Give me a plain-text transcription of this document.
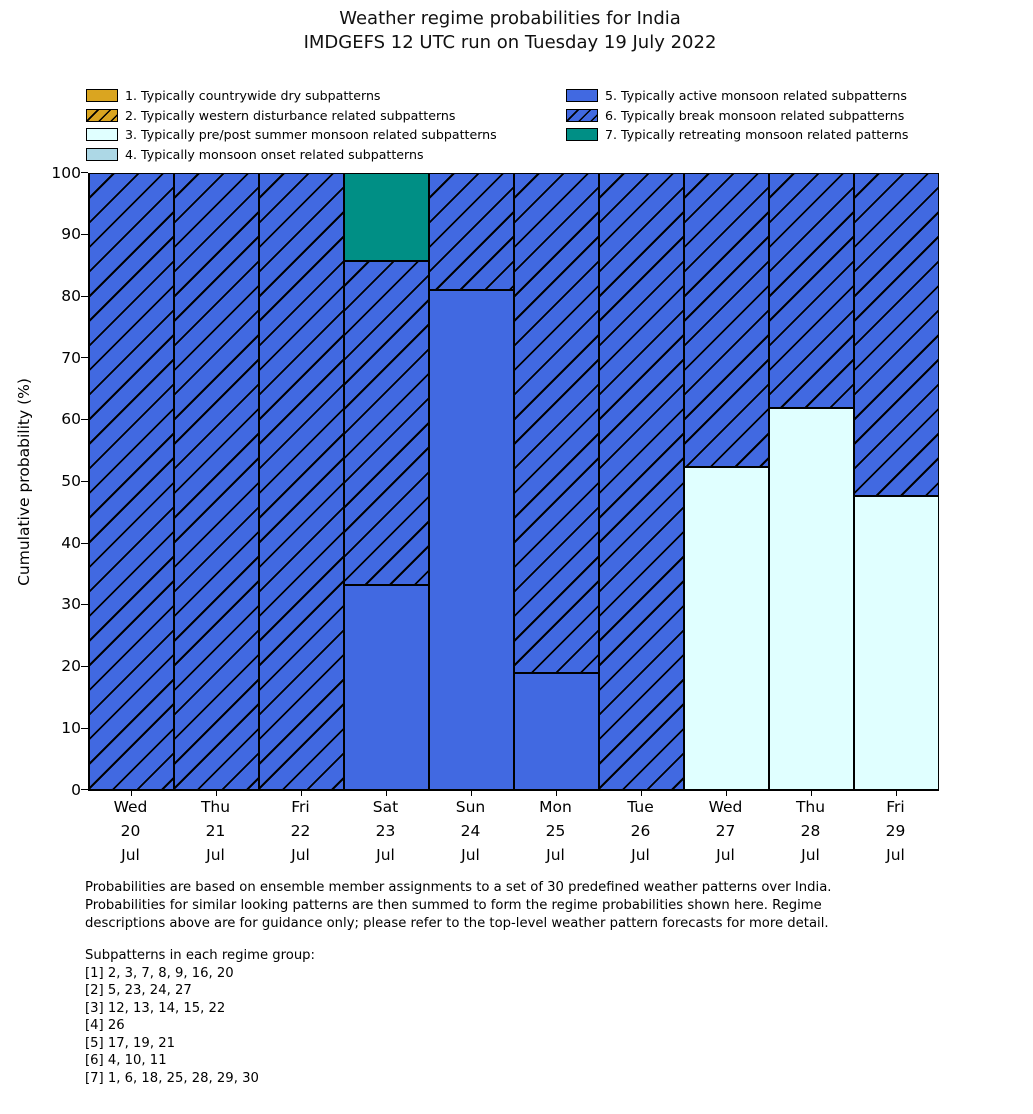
Weather regime probabilities for India
IMDGEFS 12 UTC run on Tuesday 19 July 2022
1. Typically countrywide dry subpatterns
2. Typically western disturbance related subpatterns
3. Typically pre/post summer monsoon related subpatterns
4. Typically monsoon onset related subpatterns
5. Typically active monsoon related subpatterns
6. Typically break monsoon related subpatterns
7. Typically retreating monsoon related patterns
Cumulative probability (%)
0
10
20
30
40
50
60
70
80
90
100
Wed
20
Jul
Thu
21
Jul
Fri
22
Jul
Sat
23
Jul
Sun
24
Jul
Mon
25
Jul
Tue
26
Jul
Wed
27
Jul
Thu
28
Jul
Fri
29
Jul
Probabilities are based on ensemble member assignments to a set of 30 predefined weather patterns over India.
Probabilities for similar looking patterns are then summed to form the regime probabilities shown here. Regime
descriptions above are for guidance only; please refer to the top-level weather pattern forecasts for more detail.
Subpatterns in each regime group:
[1] 2, 3, 7, 8, 9, 16, 20
[2] 5, 23, 24, 27
[3] 12, 13, 14, 15, 22
[4] 26
[5] 17, 19, 21
[6] 4, 10, 11
[7] 1, 6, 18, 25, 28, 29, 30
